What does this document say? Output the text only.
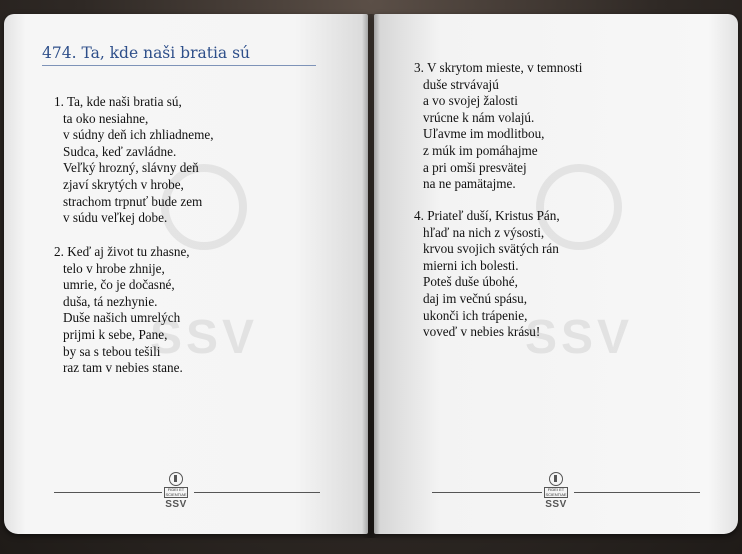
SSV
474. Ta, kde naši bratia sú
1. Ta, kde naši bratia sú,
ta oko nesiahne,
v súdny deň ich zhliadneme,
Sudca, keď zavládne.
Veľký hrozný, slávny deň
zjaví skrytých v hrobe,
strachom trpnuť bude zem
v súdu veľkej dobe.
2. Keď aj život tu zhasne,
telo v hrobe zhnije,
umrie, čo je dočasné,
duša, tá nezhynie.
Duše našich umrelých
prijmi k sebe, Pane,
by sa s tebou tešili
raz tam v nebies stane.
FIDEI ET SCIENTIAE
SSV
SSV
3. V skrytom mieste, v temnosti
duše strvávajú
a vo svojej žalosti
vrúcne k nám volajú.
Uľavme im modlitbou,
z múk im pomáhajme
a pri omši presvätej
na ne pamätajme.
4. Priateľ duší, Kristus Pán,
hľaď na nich z výsosti,
krvou svojich svätých rán
mierni ich bolesti.
Poteš duše úbohé,
daj im večnú spásu,
ukonči ich trápenie,
voveď v nebies krásu!
FIDEI ET SCIENTIAE
SSV
